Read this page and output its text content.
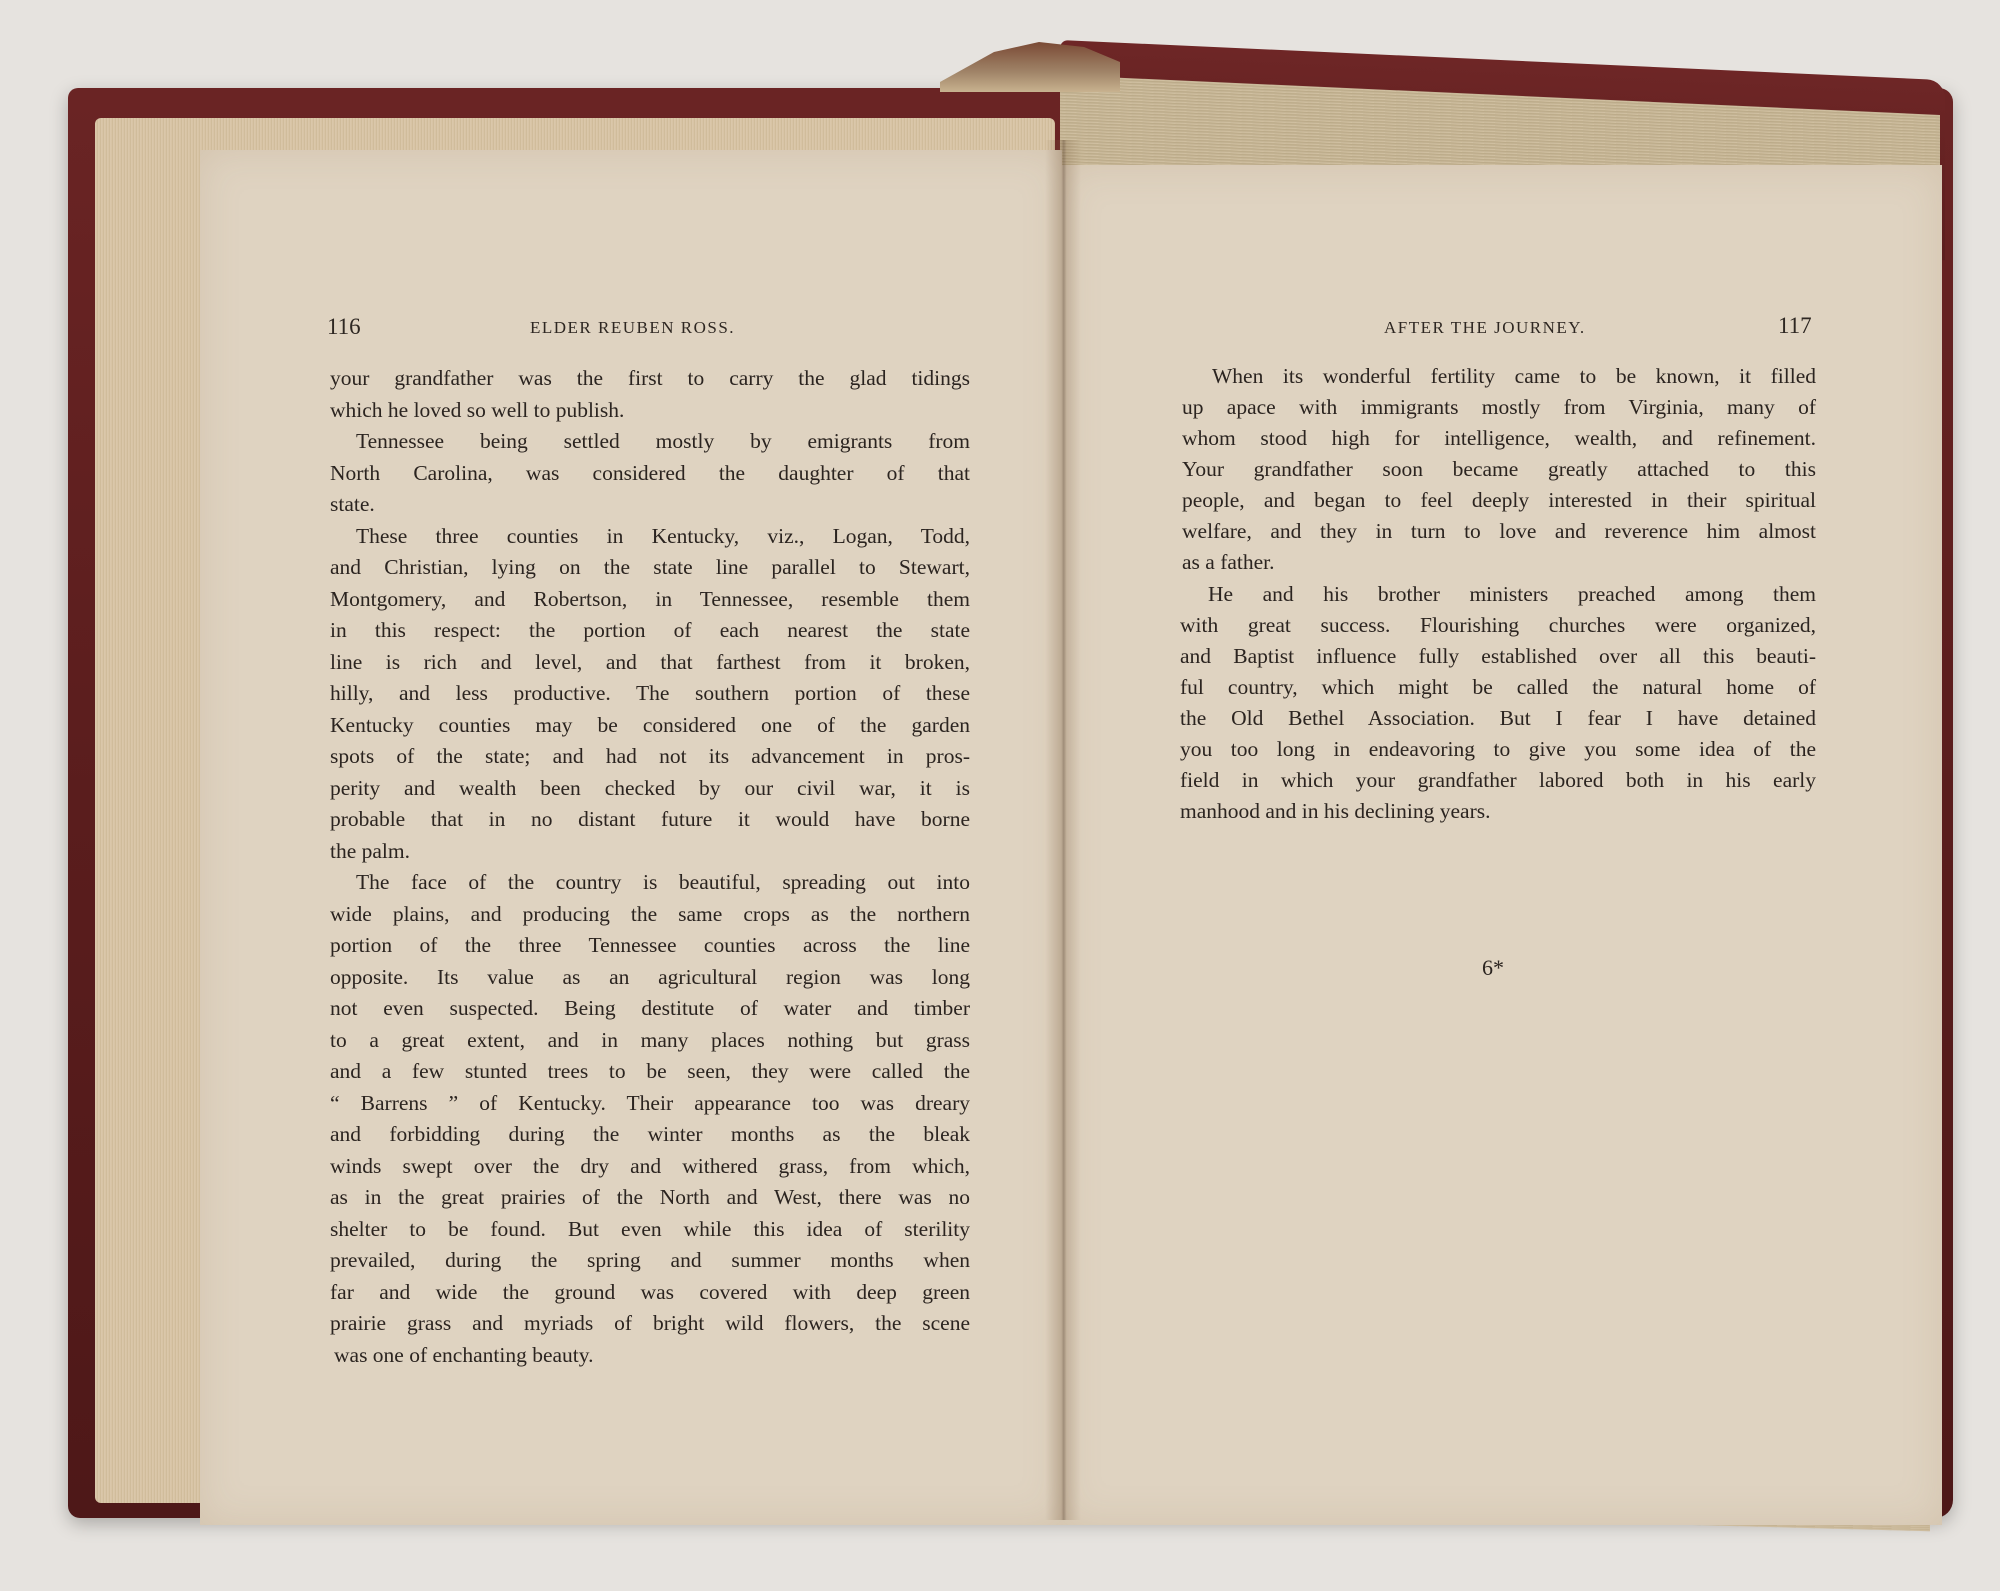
116	ELDER REUBEN ROSS.
your grandfather was the first to carry the glad tidings
which he loved so well to publish.
Tennessee being settled mostly by emigrants from
North Carolina, was considered the daughter of that
state.
These three counties in Kentucky, viz., Logan, Todd,
and Christian, lying on the state line parallel to Stewart,
Montgomery, and Robertson, in Tennessee, resemble them
in this respect: the portion of each nearest the state
line is rich and level, and that farthest from it broken,
hilly, and less productive. The southern portion of these
Kentucky counties may be considered one of the garden
spots of the state; and had not its advancement in pros-
perity and wealth been checked by our civil war, it is
probable that in no distant future it would have borne
the palm.
The face of the country is beautiful, spreading out into
wide plains, and producing the same crops as the northern
portion of the three Tennessee counties across the line
opposite. Its value as an agricultural region was long
not even suspected. Being destitute of water and timber
to a great extent, and in many places nothing but grass
and a few stunted trees to be seen, they were called the
“ Barrens ” of Kentucky. Their appearance too was dreary
and forbidding during the winter months as the bleak
winds swept over the dry and withered grass, from which,
as in the great prairies of the North and West, there was no
shelter to be found. But even while this idea of sterility
prevailed, during the spring and summer months when
far and wide the ground was covered with deep green
prairie grass and myriads of bright wild flowers, the scene
was one of enchanting beauty.
AFTER THE JOURNEY.	117
When its wonderful fertility came to be known, it filled
up apace with immigrants mostly from Virginia, many of
whom stood high for intelligence, wealth, and refinement.
Your grandfather soon became greatly attached to this
people, and began to feel deeply interested in their spiritual
welfare, and they in turn to love and reverence him almost
as a father.
He and his brother ministers preached among them
with great success. Flourishing churches were organized,
and Baptist influence fully established over all this beauti-
ful country, which might be called the natural home of
the Old Bethel Association. But I fear I have detained
you too long in endeavoring to give you some idea of the
field in which your grandfather labored both in his early
manhood and in his declining years.
6*
